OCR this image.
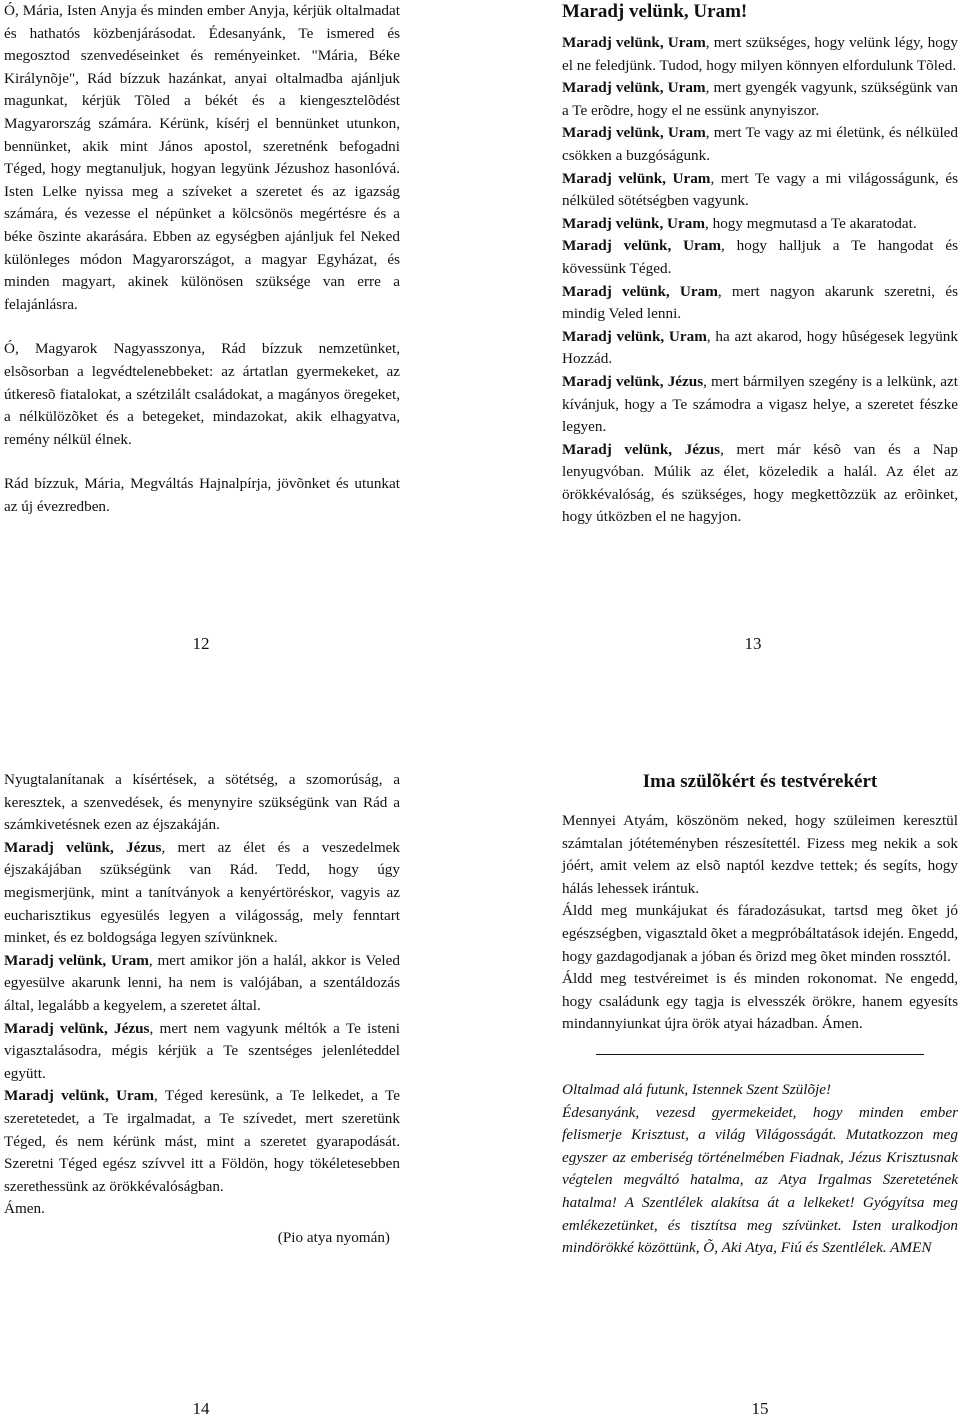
Ó, Mária, Isten Anyja és minden ember Anyja, kérjük oltalmadat és hathatós közbenjárásodat. Édesanyánk, Te ismered és megosztod szenvedéseinket és reményeinket. "Mária, Béke Királynõje", Rád bízzuk hazánkat, anyai oltalmadba ajánljuk magunkat, kérjük Tõled a békét és a kiengesztelõdést Magyarország számára. Kérünk, kísérj el bennünket utunkon, bennünket, akik mint János apostol, szeretnénk befogadni Téged, hogy megtanuljuk, hogyan legyünk Jézushoz hasonlóvá. Isten Lelke nyissa meg a szíveket a szeretet és az igazság számára, és vezesse el népünket a kölcsönös megértésre és a béke õszinte akarására. Ebben az egységben ajánljuk fel Neked különleges módon Magyarországot, a magyar Egyházat, és minden magyart, akinek különösen szüksége van erre a felajánlásra.

Ó, Magyarok Nagyasszonya, Rád bízzuk nemzetünket, elsõsorban a legvédtelenebbeket: az ártatlan gyermekeket, az útkeresõ fiatalokat, a szétzilált családokat, a magányos öregeket, a nélkülözõket és a betegeket, mindazokat, akik elhagyatva, remény nélkül élnek.

Rád bízzuk, Mária, Megváltás Hajnalpírja, jövõnket és utunkat az új évezredben.

12
Maradj velünk, Uram!

Maradj velünk, Uram, mert szükséges, hogy velünk légy, hogy el ne feledjünk. Tudod, hogy milyen könnyen elfordulunk Tõled.

Maradj velünk, Uram, mert gyengék vagyunk, szükségünk van a Te erõdre, hogy el ne essünk anynyiszor.

Maradj velünk, Uram, mert Te vagy az mi életünk, és nélküled csökken a buzgóságunk.

Maradj velünk, Uram, mert Te vagy a mi világosságunk, és nélküled sötétségben vagyunk.

Maradj velünk, Uram, hogy megmutasd a Te akaratodat.

Maradj velünk, Uram, hogy halljuk a Te hangodat és kövessünk Téged.

Maradj velünk, Uram, mert nagyon akarunk szeretni, és mindig Veled lenni.

Maradj velünk, Uram, ha azt akarod, hogy hûségesek legyünk Hozzád.

Maradj velünk, Jézus, mert bármilyen szegény is a lelkünk, azt kívánjuk, hogy a Te számodra a vigasz helye, a szeretet fészke legyen.

Maradj velünk, Jézus, mert már késõ van és a Nap lenyugvóban. Múlik az élet, közeledik a halál. Az élet az örökkévalóság, és szükséges, hogy megkettõzzük az erõinket, hogy útközben el ne hagyjon.

13

Nyugtalanítanak a kísértések, a sötétség, a szomorúság, a keresztek, a szenvedések, és menynyire szükségünk van Rád a számkivetésnek ezen az éjszakáján.

Maradj velünk, Jézus, mert az élet és a veszedelmek éjszakájában szükségünk van Rád. Tedd, hogy úgy megismerjünk, mint a tanítványok a kenyértöréskor, vagyis az eucharisztikus egyesülés legyen a világosság, mely fenntart minket, és ez boldogsága legyen szívünknek.

Maradj velünk, Uram, mert amikor jön a halál, akkor is Veled egyesülve akarunk lenni, ha nem is valójában, a szentáldozás által, legalább a kegyelem, a szeretet által.

Maradj velünk, Jézus, mert nem vagyunk méltók a Te isteni vigasztalásodra, mégis kérjük a Te szentséges jelenléteddel együtt.

Maradj velünk, Uram, Téged keresünk, a Te lelkedet, a Te szeretetedet, a Te irgalmadat, a Te szívedet, mert szeretünk Téged, és nem kérünk mást, mint a szeretet gyarapodását. Szeretni Téged egész szívvel itt a Földön, hogy tökéletesebben szerethessünk az örökkévalóságban.

Ámen.

(Pio atya nyomán)

14
Ima szülõkért és testvérekért

Mennyei Atyám, köszönöm neked, hogy szüleimen keresztül számtalan jótéteményben részesítettél. Fizess meg nekik a sok jóért, amit velem az elsõ naptól kezdve tettek; és segíts, hogy hálás lehessek irántuk.

Áldd meg munkájukat és fáradozásukat, tartsd meg õket jó egészségben, vigasztald õket a megpróbáltatások idején. Engedd, hogy gazdagodjanak a jóban és õrizd meg õket minden rossztól.

Áldd meg testvéreimet is és minden rokonomat. Ne engedd, hogy családunk egy tagja is elvesszék örökre, hanem egyesíts mindannyiunkat újra örök atyai házadban. Ámen.

Oltalmad alá futunk, Istennek Szent Szülõje!

Édesanyánk, vezesd gyermekeidet, hogy minden ember felismerje Krisztust, a világ Világosságát. Mutatkozzon meg egyszer az emberiség történelmében Fiadnak, Jézus Krisztusnak végtelen megváltó hatalma, az Atya Irgalmas Szeretetének hatalma! A Szentlélek alakítsa át a lelkeket! Gyógyítsa meg emlékezetünket, és tisztítsa meg szívünket. Isten uralkodjon mindörökké közöttünk, Õ, Aki Atya, Fiú és Szentlélek. AMEN

15
